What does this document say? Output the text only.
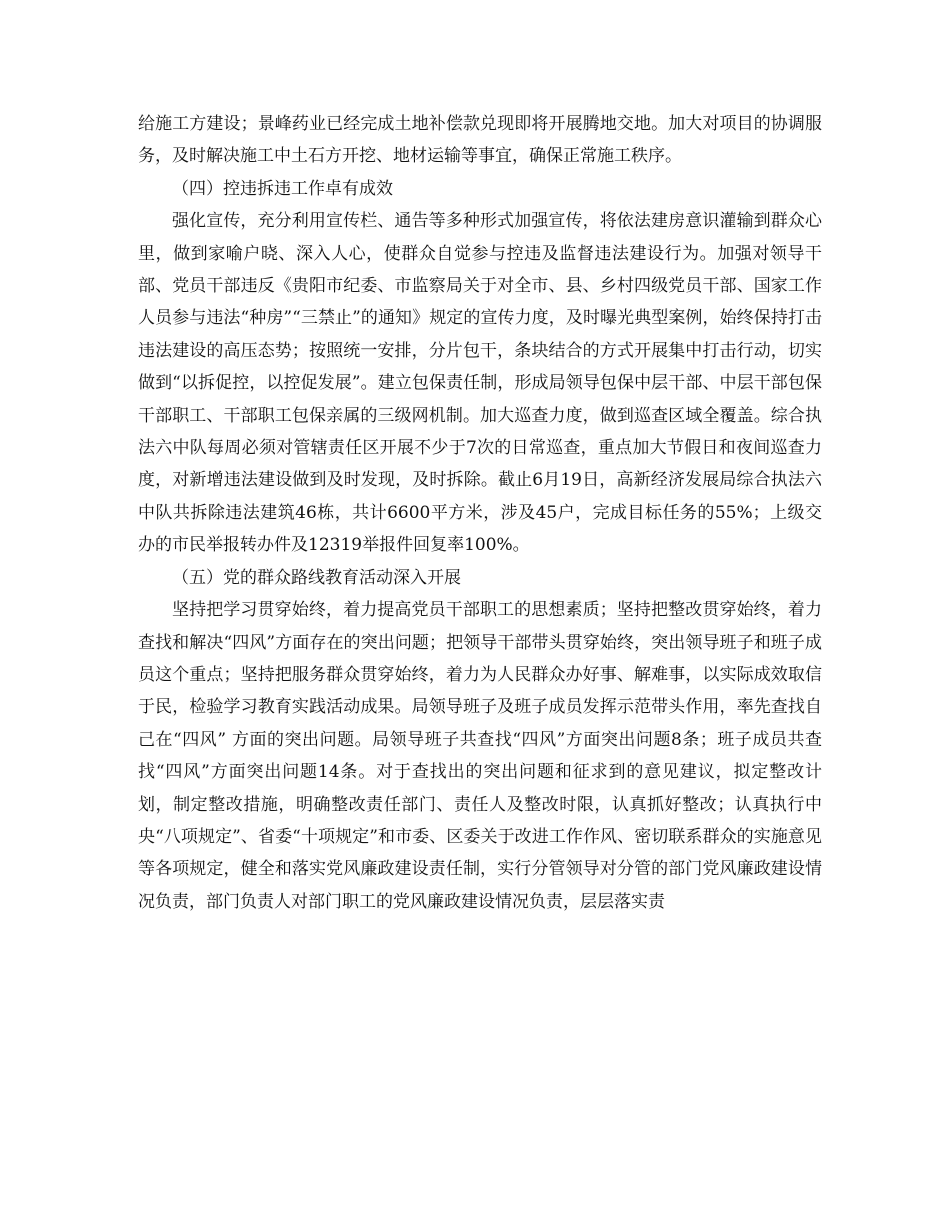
给施工方建设；景峰药业已经完成土地补偿款兑现即将开展腾地交地。加大对项目的协调服务，及时解决施工中土石方开挖、地材运输等事宜，确保正常施工秩序。

（四）控违拆违工作卓有成效

强化宣传，充分利用宣传栏、通告等多种形式加强宣传，将依法建房意识灌输到群众心里，做到家喻户晓、深入人心，使群众自觉参与控违及监督违法建设行为。加强对领导干部、党员干部违反《贵阳市纪委、市监察局关于对全市、县、乡村四级党员干部、国家工作人员参与违法“种房”“三禁止”的通知》规定的宣传力度，及时曝光典型案例，始终保持打击违法建设的高压态势；按照统一安排，分片包干，条块结合的方式开展集中打击行动，切实做到“以拆促控，以控促发展”。建立包保责任制，形成局领导包保中层干部、中层干部包保干部职工、干部职工包保亲属的三级网机制。加大巡查力度，做到巡查区域全覆盖。综合执法六中队每周必须对管辖责任区开展不少于7次的日常巡查，重点加大节假日和夜间巡查力度，对新增违法建设做到及时发现，及时拆除。截止6月19日，高新经济发展局综合执法六中队共拆除违法建筑46栋，共计6600平方米，涉及45户，完成目标任务的55%；上级交办的市民举报转办件及12319举报件回复率100%。

（五）党的群众路线教育活动深入开展

坚持把学习贯穿始终，着力提高党员干部职工的思想素质；坚持把整改贯穿始终，着力查找和解决“四风”方面存在的突出问题；把领导干部带头贯穿始终，突出领导班子和班子成员这个重点；坚持把服务群众贯穿始终，着力为人民群众办好事、解难事，以实际成效取信于民，检验学习教育实践活动成果。局领导班子及班子成员发挥示范带头作用，率先查找自己在“四风” 方面的突出问题。局领导班子共查找“四风”方面突出问题8条；班子成员共查找“四风”方面突出问题14条。对于查找出的突出问题和征求到的意见建议，拟定整改计划，制定整改措施，明确整改责任部门、责任人及整改时限，认真抓好整改；认真执行中央“八项规定”、省委“十项规定”和市委、区委关于改进工作作风、密切联系群众的实施意见等各项规定，健全和落实党风廉政建设责任制，实行分管领导对分管的部门党风廉政建设情况负责，部门负责人对部门职工的党风廉政建设情况负责，层层落实责
